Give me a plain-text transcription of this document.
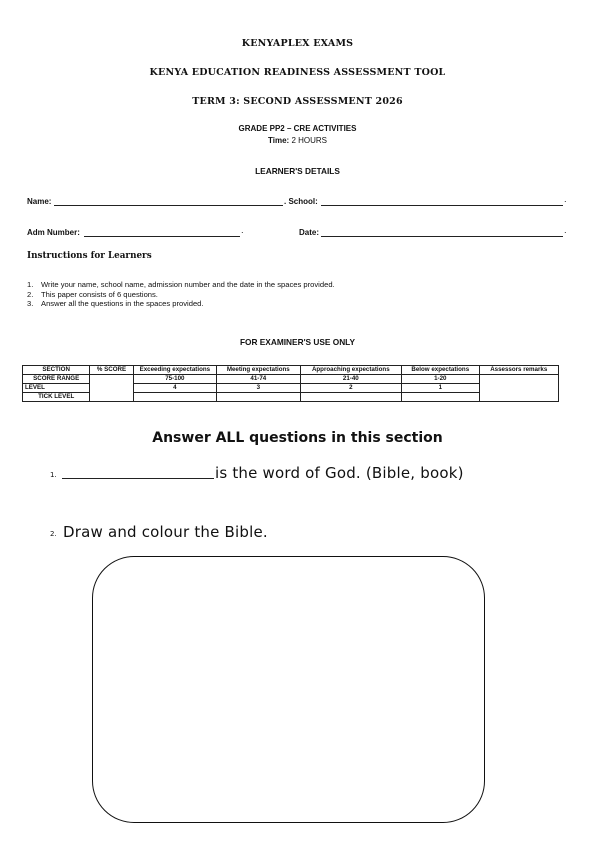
KENYAPLEX EXAMS
KENYA EDUCATION READINESS ASSESSMENT TOOL
TERM 3: SECOND ASSESSMENT 2026
GRADE PP2 – CRE ACTIVITIES
Time: 2 HOURS
LEARNER'S DETAILS
Name:	. School:	.
Adm Number:	.	Date:	.
Instructions for Learners
1. Write your name, school name, admission number and the date in the spaces provided.
2. This paper consists of 6 questions.
3. Answer all the questions in the spaces provided.
FOR EXAMINER'S USE ONLY
SECTION	% SCORE	Exceeding expectations	Meeting expectations	Approaching expectations	Below expectations	Assessors remarks
SCORE RANGE		75-100	41-74	21-40	1-20	
LEVEL		4	3	2	1	
TICK LEVEL						
Answer ALL questions in this section
1.	is the word of God. (Bible, book)
2. Draw and colour the Bible.
